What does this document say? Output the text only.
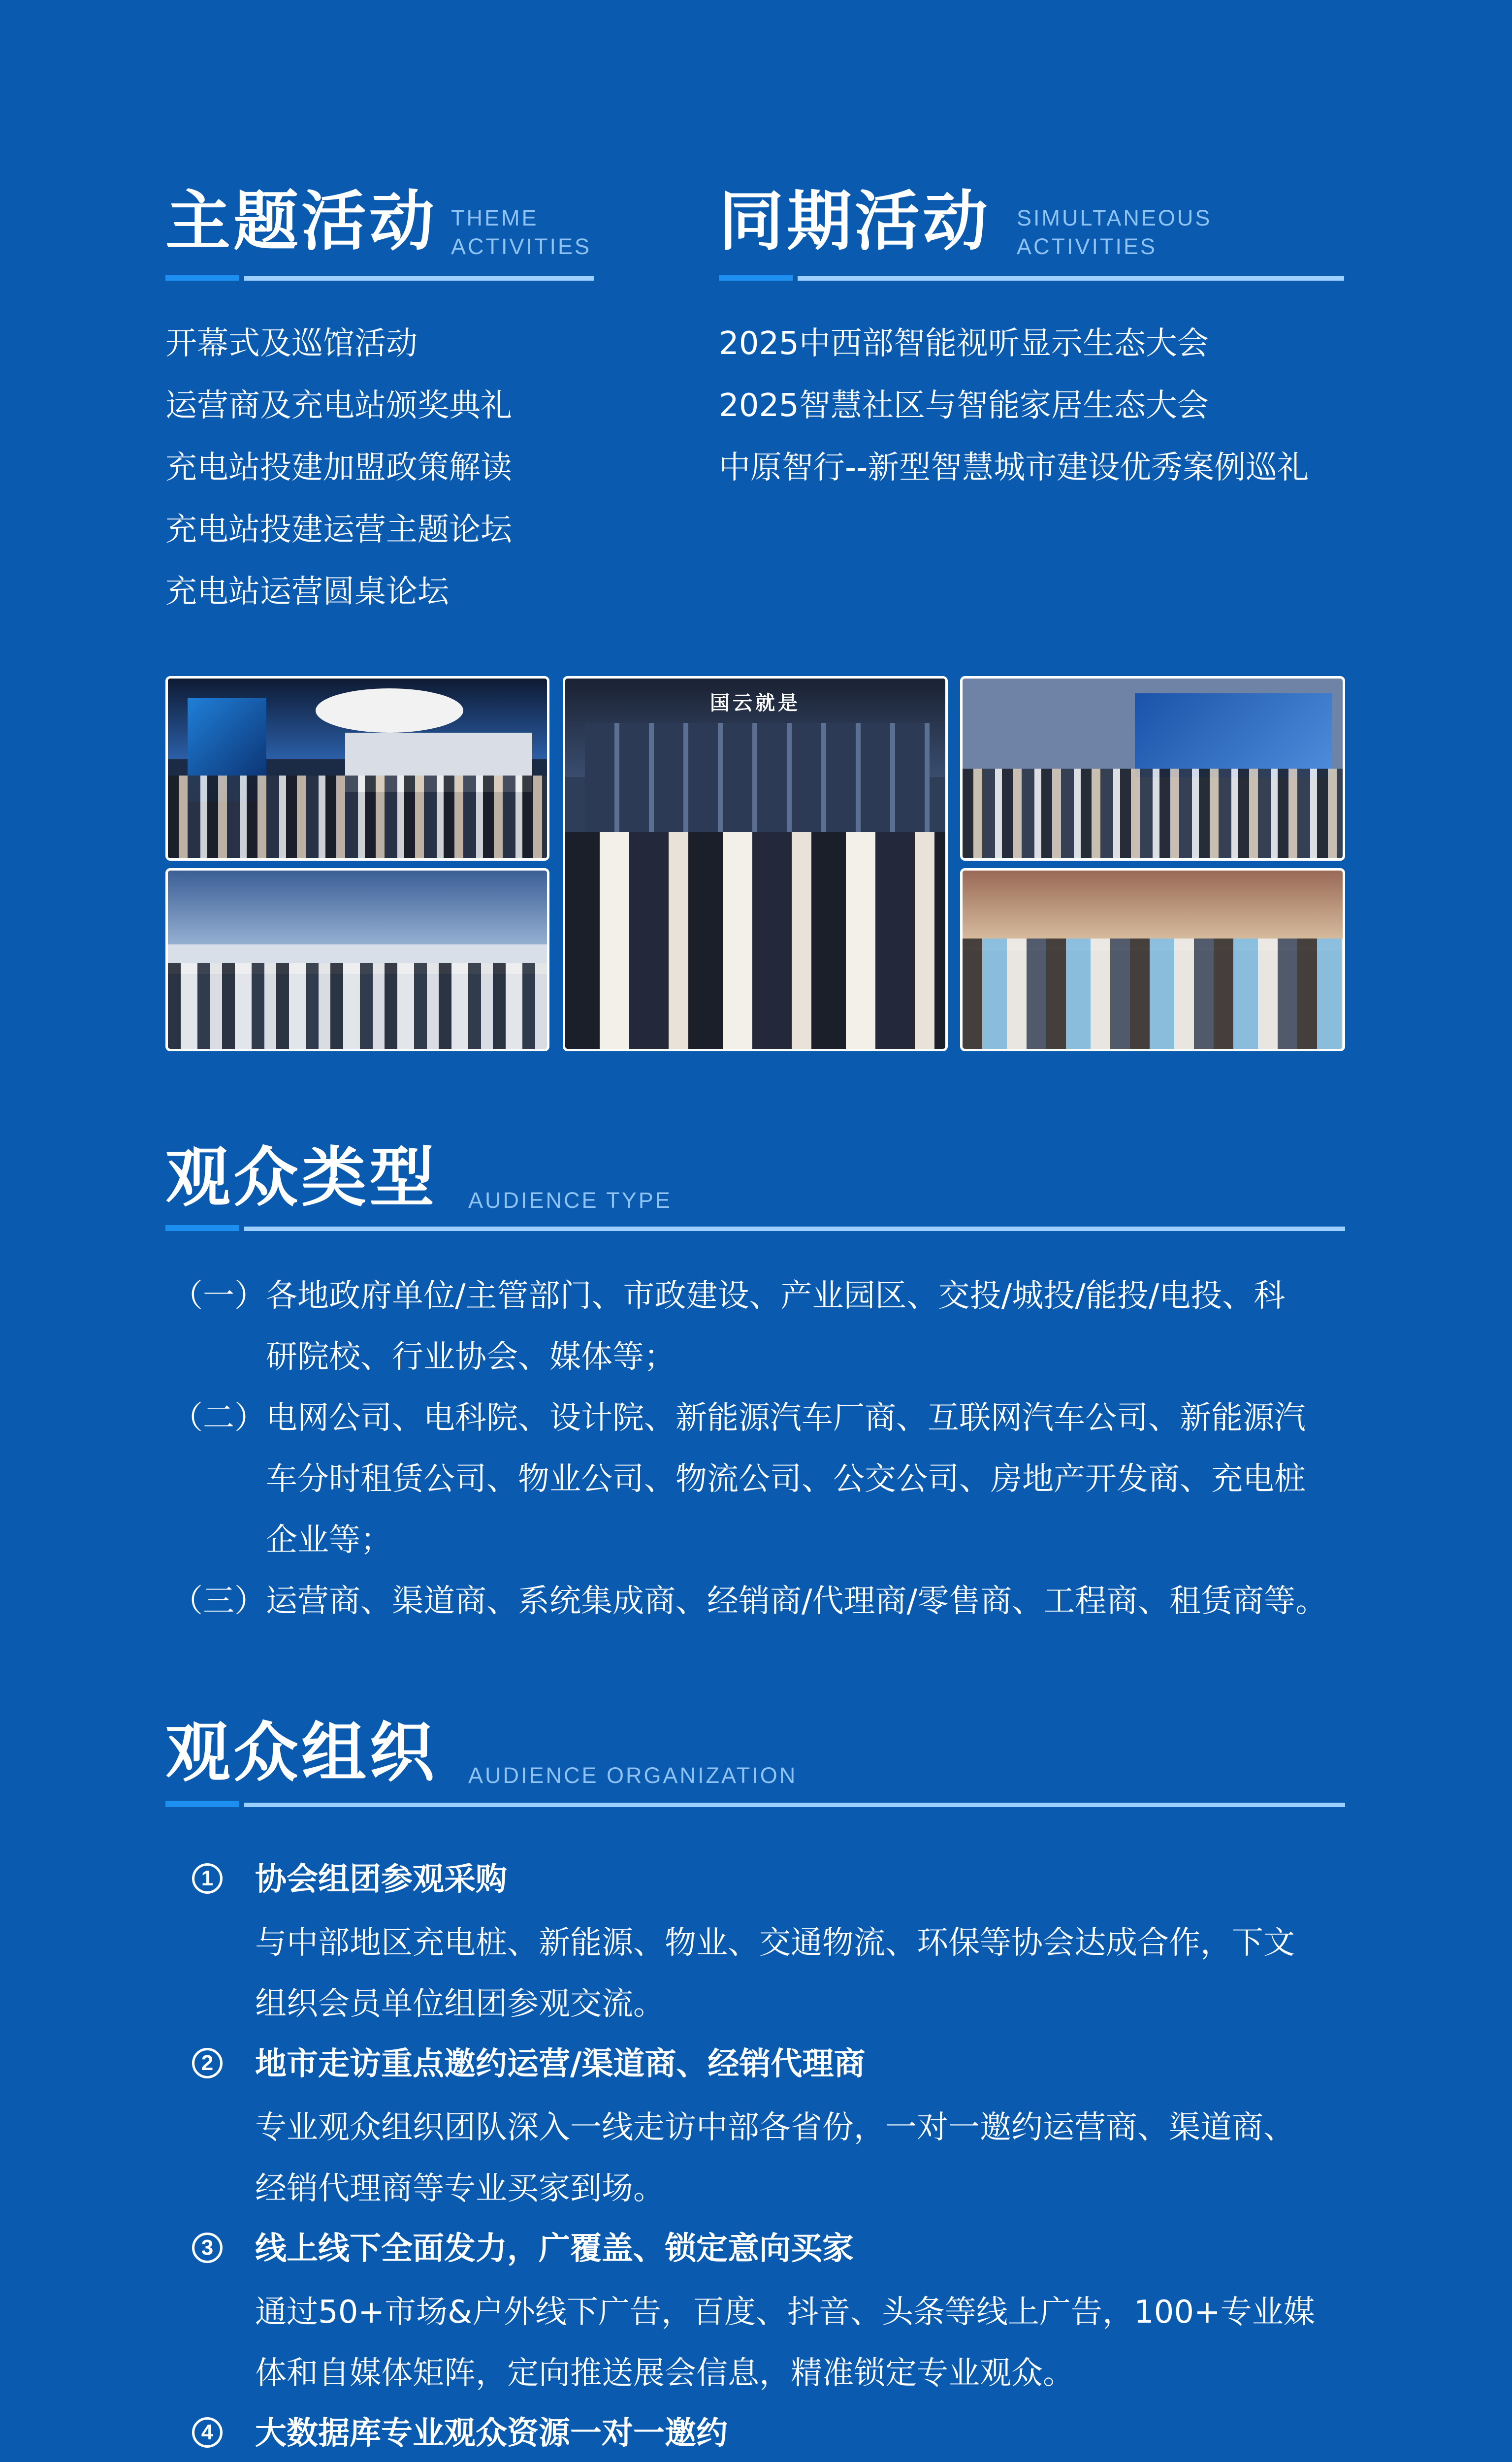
主题活动 THEME
ACTIVITIES
开幕式及巡馆活动
运营商及充电站颁奖典礼
充电站投建加盟政策解读
充电站投建运营主题论坛
充电站运营圆桌论坛
同期活动 SIMULTANEOUS
ACTIVITIES
2025中西部智能视听显示生态大会
2025智慧社区与智能家居生态大会
中原智行--新型智慧城市建设优秀案例巡礼
国云就是
观众类型 AUDIENCE TYPE
（一） 各地政府单位/主管部门、市政建设、产业园区、交投/城投/能投/电投、科
研院校、行业协会、媒体等；
（二） 电网公司、电科院、设计院、新能源汽车厂商、互联网汽车公司、新能源汽
车分时租赁公司、物业公司、物流公司、公交公司、房地产开发商、充电桩
企业等；
（三） 运营商、渠道商、系统集成商、经销商/代理商/零售商、工程商、租赁商等。
观众组织 AUDIENCE ORGANIZATION
1 协会组团参观采购
与中部地区充电桩、新能源、物业、交通物流、环保等协会达成合作，下文
组织会员单位组团参观交流。
2 地市走访重点邀约运营/渠道商、经销代理商
专业观众组织团队深入一线走访中部各省份，一对一邀约运营商、渠道商、
经销代理商等专业买家到场。
3 线上线下全面发力，广覆盖、锁定意向买家
通过50+市场&户外线下广告，百度、抖音、头条等线上广告，100+专业媒
体和自媒体矩阵，定向推送展会信息，精准锁定专业观众。
4 大数据库专业观众资源一对一邀约
